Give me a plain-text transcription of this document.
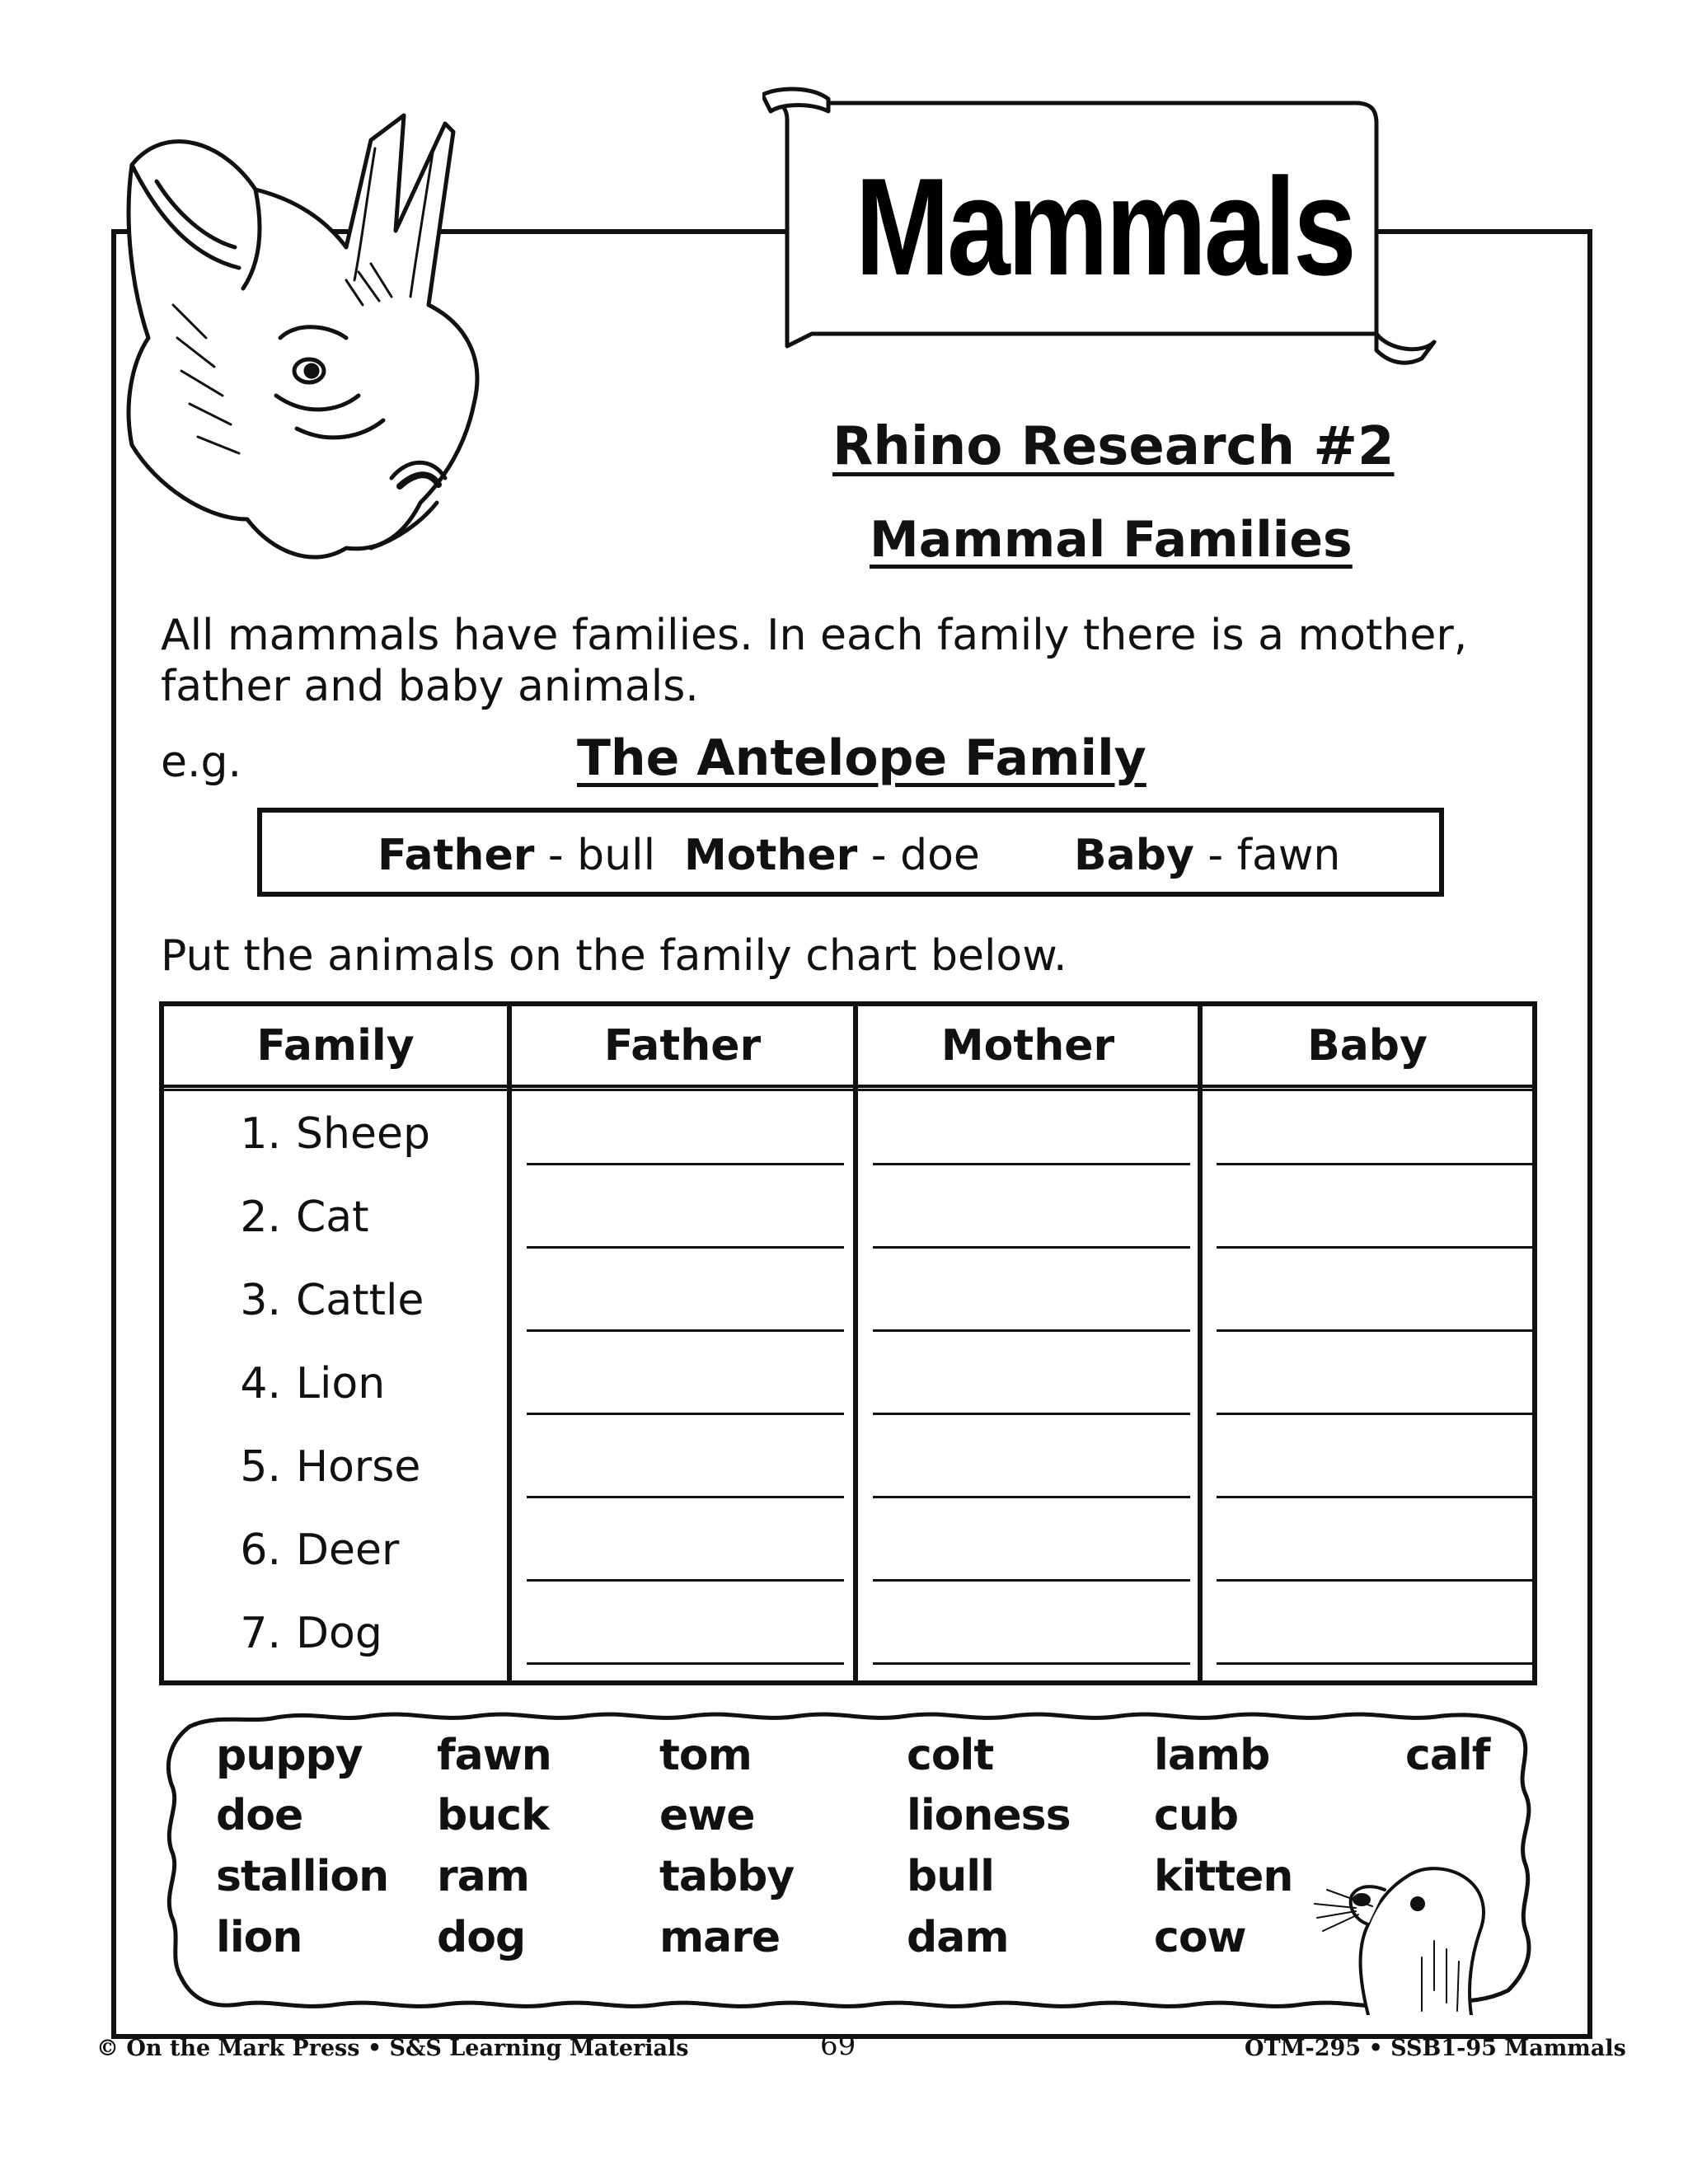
Mammals
Rhino Research #2
Mammal Families
All mammals have families. In each family there is a mother, father and baby animals.
e.g.	The Antelope Family
Father - bull Mother - doe Baby - fawn
Put the animals on the family chart below.
Family	Father	Mother	Baby
1. Sheep
2. Cat
3. Cattle
4. Lion
5. Horse
6. Deer
7. Dog
puppy fawn	tom	colt	lamb	calf
doe	buck	ewe	lioness cub
stallion ram	tabby	bull	kitten
lion	dog	mare	dam	cow
© On the Mark Press • S&S Learning Materials	69	OTM-295 • SSB1-95 Mammals
